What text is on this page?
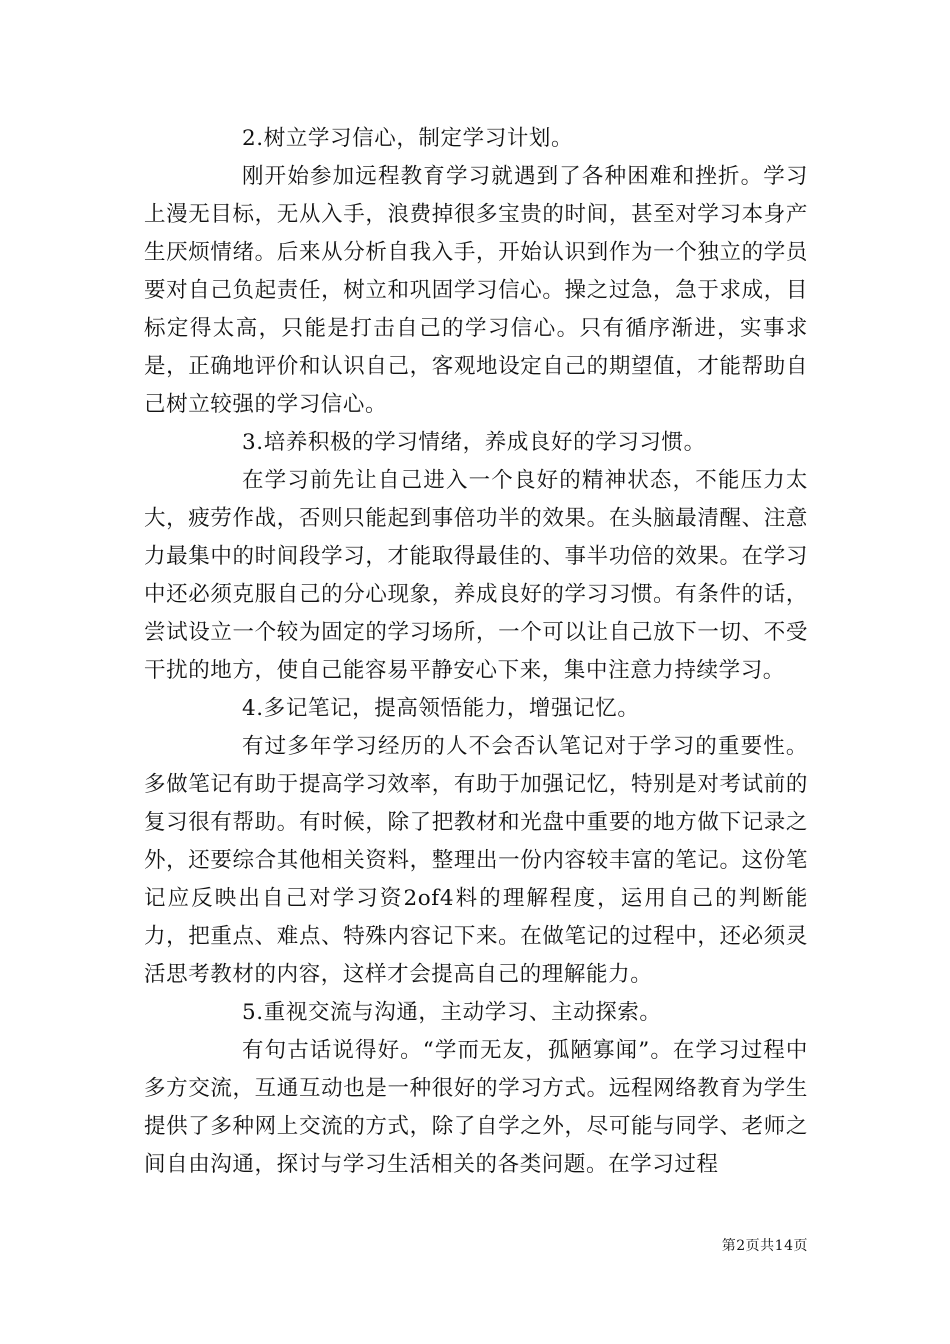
2.树立学习信心，制定学习计划。

刚开始参加远程教育学习就遇到了各种困难和挫折。学习上漫无目标，无从入手，浪费掉很多宝贵的时间，甚至对学习本身产生厌烦情绪。后来从分析自我入手，开始认识到作为一个独立的学员要对自己负起责任，树立和巩固学习信心。操之过急，急于求成，目标定得太高，只能是打击自己的学习信心。只有循序渐进，实事求是，正确地评价和认识自己，客观地设定自己的期望值，才能帮助自己树立较强的学习信心。

3.培养积极的学习情绪，养成良好的学习习惯。

在学习前先让自己进入一个良好的精神状态，不能压力太大，疲劳作战，否则只能起到事倍功半的效果。在头脑最清醒、注意力最集中的时间段学习，才能取得最佳的、事半功倍的效果。在学习中还必须克服自己的分心现象，养成良好的学习习惯。有条件的话，尝试设立一个较为固定的学习场所，一个可以让自己放下一切、不受干扰的地方，使自己能容易平静安心下来，集中注意力持续学习。

4.多记笔记，提高领悟能力，增强记忆。

有过多年学习经历的人不会否认笔记对于学习的重要性。多做笔记有助于提高学习效率，有助于加强记忆，特别是对考试前的复习很有帮助。有时候，除了把教材和光盘中重要的地方做下记录之外，还要综合其他相关资料，整理出一份内容较丰富的笔记。这份笔记应反映出自己对学习资2of4料的理解程度，运用自己的判断能力，把重点、难点、特殊内容记下来。在做笔记的过程中，还必须灵活思考教材的内容，这样才会提高自己的理解能力。

5.重视交流与沟通，主动学习、主动探索。

有句古话说得好。“学而无友，孤陋寡闻”。在学习过程中多方交流，互通互动也是一种很好的学习方式。远程网络教育为学生提供了多种网上交流的方式，除了自学之外，尽可能与同学、老师之间自由沟通，探讨与学习生活相关的各类问题。在学习过程

第2页共14页
